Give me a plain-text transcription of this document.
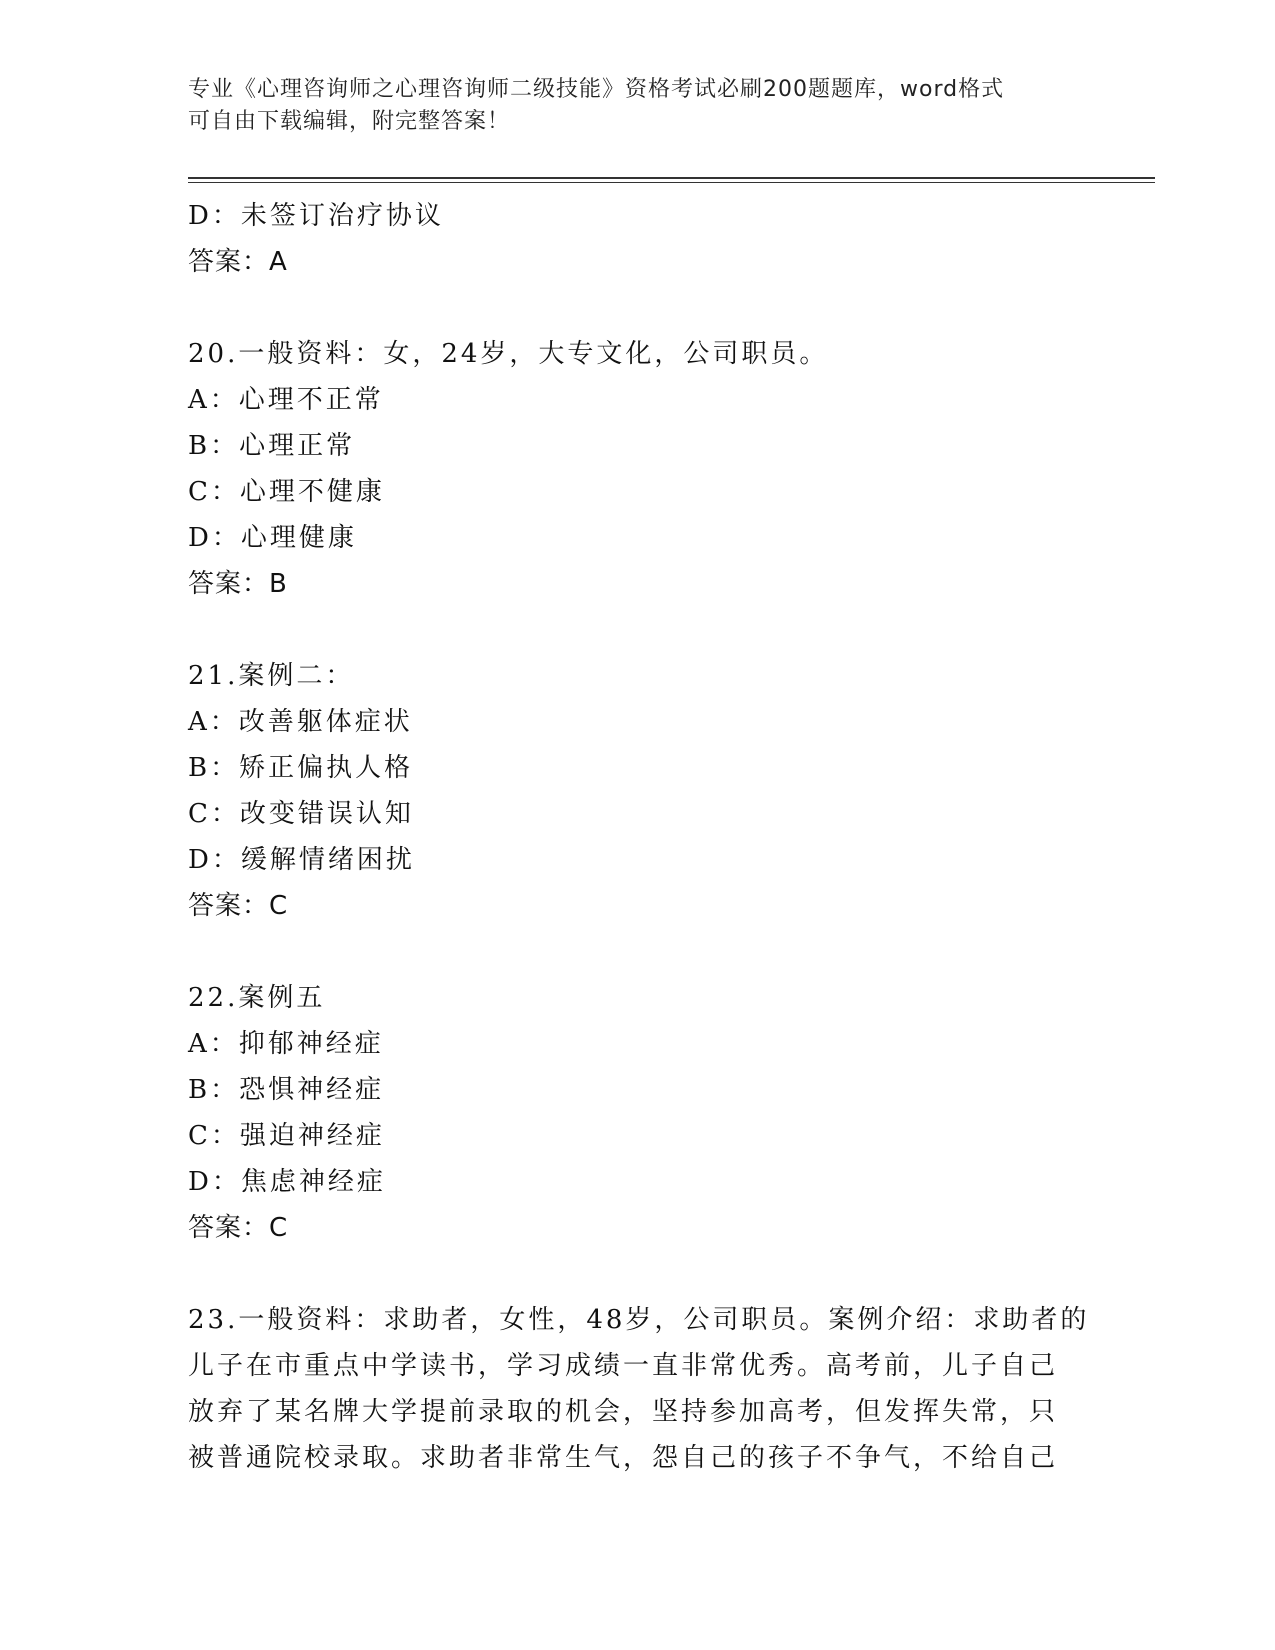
专业《心理咨询师之心理咨询师二级技能》资格考试必刷200题题库，word格式
可自由下载编辑，附完整答案！
D：未签订治疗协议
答案：A
20.一般资料：女，24岁，大专文化，公司职员。
A：心理不正常
B：心理正常
C：心理不健康
D：心理健康
答案：B
21.案例二：
A：改善躯体症状
B：矫正偏执人格
C：改变错误认知
D：缓解情绪困扰
答案：C
22.案例五
A：抑郁神经症
B：恐惧神经症
C：强迫神经症
D：焦虑神经症
答案：C
23.一般资料：求助者，女性，48岁，公司职员。案例介绍：求助者的
儿子在市重点中学读书，学习成绩一直非常优秀。高考前，儿子自己
放弃了某名牌大学提前录取的机会，坚持参加高考，但发挥失常，只
被普通院校录取。求助者非常生气，怨自己的孩子不争气，不给自己
